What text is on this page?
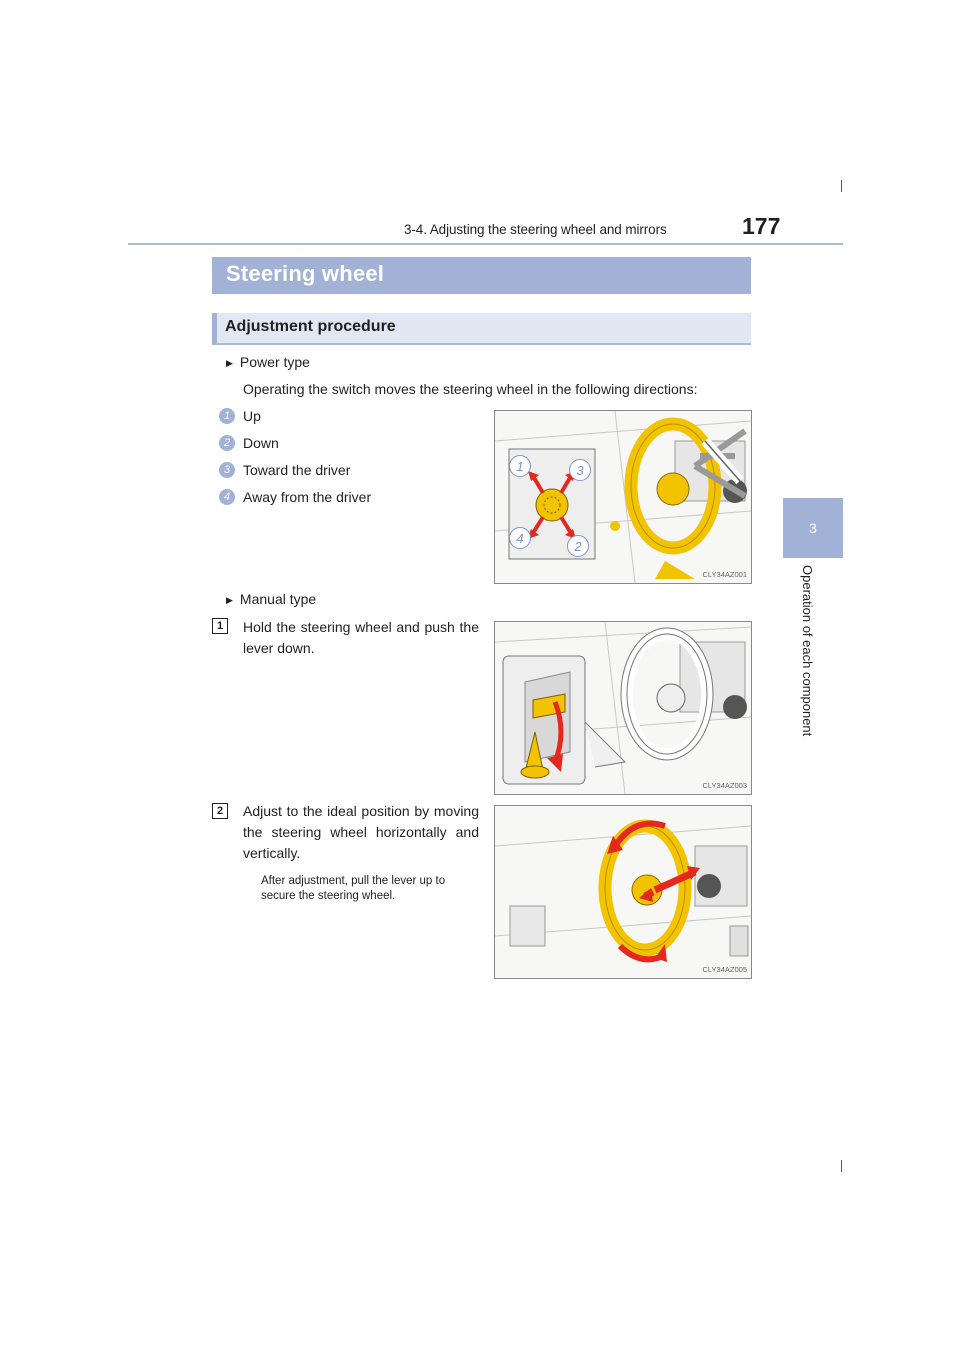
3-4. Adjusting the steering wheel and mirrors	177
3
Operation of each component
Steering wheel
Adjustment procedure
▶ Power type
Operating the switch moves the steering wheel in the following directions:
1 Up
2 Down
3 Toward the driver
4 Away from the driver
1	3
4
2
CLY34AZ001
▶ Manual type
1	Hold the steering wheel and push the lever down.
CLY34AZ003
2	Adjust to the ideal position by moving the steering wheel horizontally and vertically.
After adjustment, pull the lever up to secure the steering wheel.
CLY34AZ005
